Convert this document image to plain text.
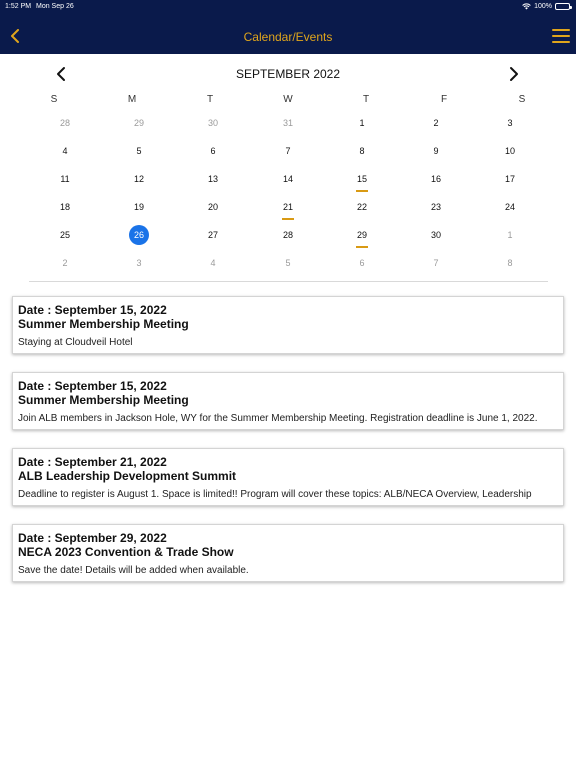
1:52 PM Mon Sep 26	100%
Calendar/Events
SEPTEMBER 2022
S	M	T	W	T	F	S
28	29	30	31	1	2	3
4	5	6	7	8	9	10
11	12	13	14	15	16	17
18	19	20	21	22	23	24
25	26	27	28	29	30	1
2	3	4	5	6	7	8
Date : September 15, 2022
Summer Membership Meeting
Staying at Cloudveil Hotel
Date : September 15, 2022
Summer Membership Meeting
Join ALB members in Jackson Hole, WY for the Summer Membership Meeting. Registration deadline is June 1, 2022.
Date : September 21, 2022
ALB Leadership Development Summit
Deadline to register is August 1. Space is limited!! Program will cover these topics: ALB/NECA Overview, Leadership
Date : September 29, 2022
NECA 2023 Convention & Trade Show
Save the date! Details will be added when available.
